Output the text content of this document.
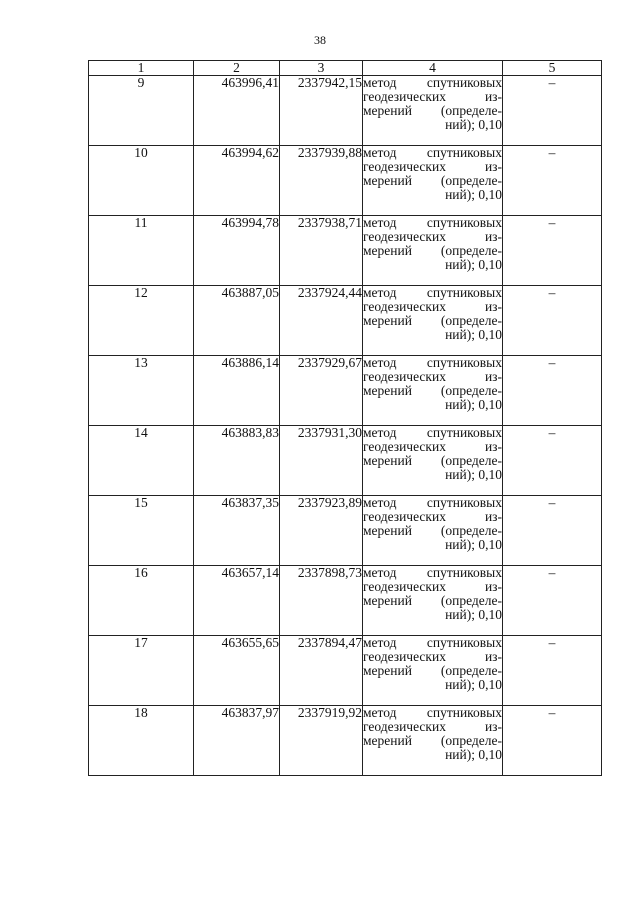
38
1	2	3	4	5
9	463996,41	2337942,15	метод спутниковых
геодезических из-
мерений (определе-
ний); 0,10	–
10	463994,62	2337939,88	метод спутниковых
геодезических из-
мерений (определе-
ний); 0,10	–
11	463994,78	2337938,71	метод спутниковых
геодезических из-
мерений (определе-
ний); 0,10	–
12	463887,05	2337924,44	метод спутниковых
геодезических из-
мерений (определе-
ний); 0,10	–
13	463886,14	2337929,67	метод спутниковых
геодезических из-
мерений (определе-
ний); 0,10	–
14	463883,83	2337931,30	метод спутниковых
геодезических из-
мерений (определе-
ний); 0,10	–
15	463837,35	2337923,89	метод спутниковых
геодезических из-
мерений (определе-
ний); 0,10	–
16	463657,14	2337898,73	метод спутниковых
геодезических из-
мерений (определе-
ний); 0,10	–
17	463655,65	2337894,47	метод спутниковых
геодезических из-
мерений (определе-
ний); 0,10	–
18	463837,97	2337919,92	метод спутниковых
геодезических из-
мерений (определе-
ний); 0,10	–
